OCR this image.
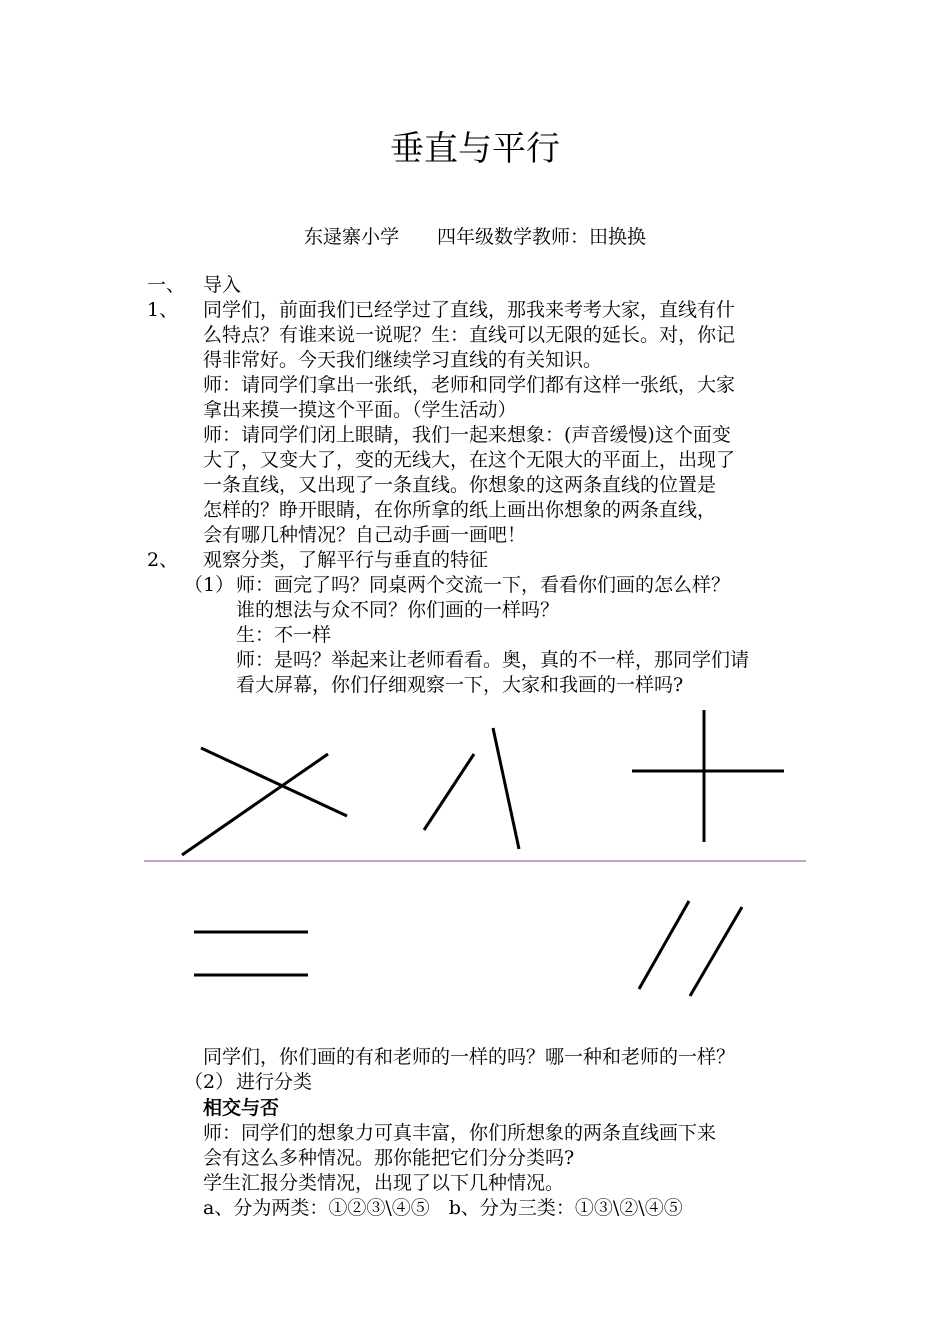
垂直与平行
东逯寨小学　　四年级数学教师：田换换
一、 导入
1、 同学们，前面我们已经学过了直线，那我来考考大家，直线有什
么特点？有谁来说一说呢？生：直线可以无限的延长。对，你记
得非常好。今天我们继续学习直线的有关知识。
师：请同学们拿出一张纸，老师和同学们都有这样一张纸，大家
拿出来摸一摸这个平面。（学生活动）
师：请同学们闭上眼睛，我们一起来想象：(声音缓慢)这个面变
大了，又变大了，变的无线大，在这个无限大的平面上，出现了
一条直线，又出现了一条直线。你想象的这两条直线的位置是
怎样的？睁开眼睛，在你所拿的纸上画出你想象的两条直线，
会有哪几种情况？自己动手画一画吧！
2、 观察分类，了解平行与垂直的特征
（1） 师：画完了吗？同桌两个交流一下，看看你们画的怎么样？
谁的想法与众不同？你们画的一样吗？
生：不一样
师：是吗？举起来让老师看看。奥，真的不一样，那同学们请
看大屏幕，你们仔细观察一下，大家和我画的一样吗?
同学们，你们画的有和老师的一样的吗？哪一种和老师的一样？
（2） 进行分类
相交与否
师：同学们的想象力可真丰富，你们所想象的两条直线画下来
会有这么多种情况。那你能把它们分分类吗?
学生汇报分类情况，出现了以下几种情况。
a、分为两类：①②③\④⑤　b、分为三类：①③\②\④⑤
